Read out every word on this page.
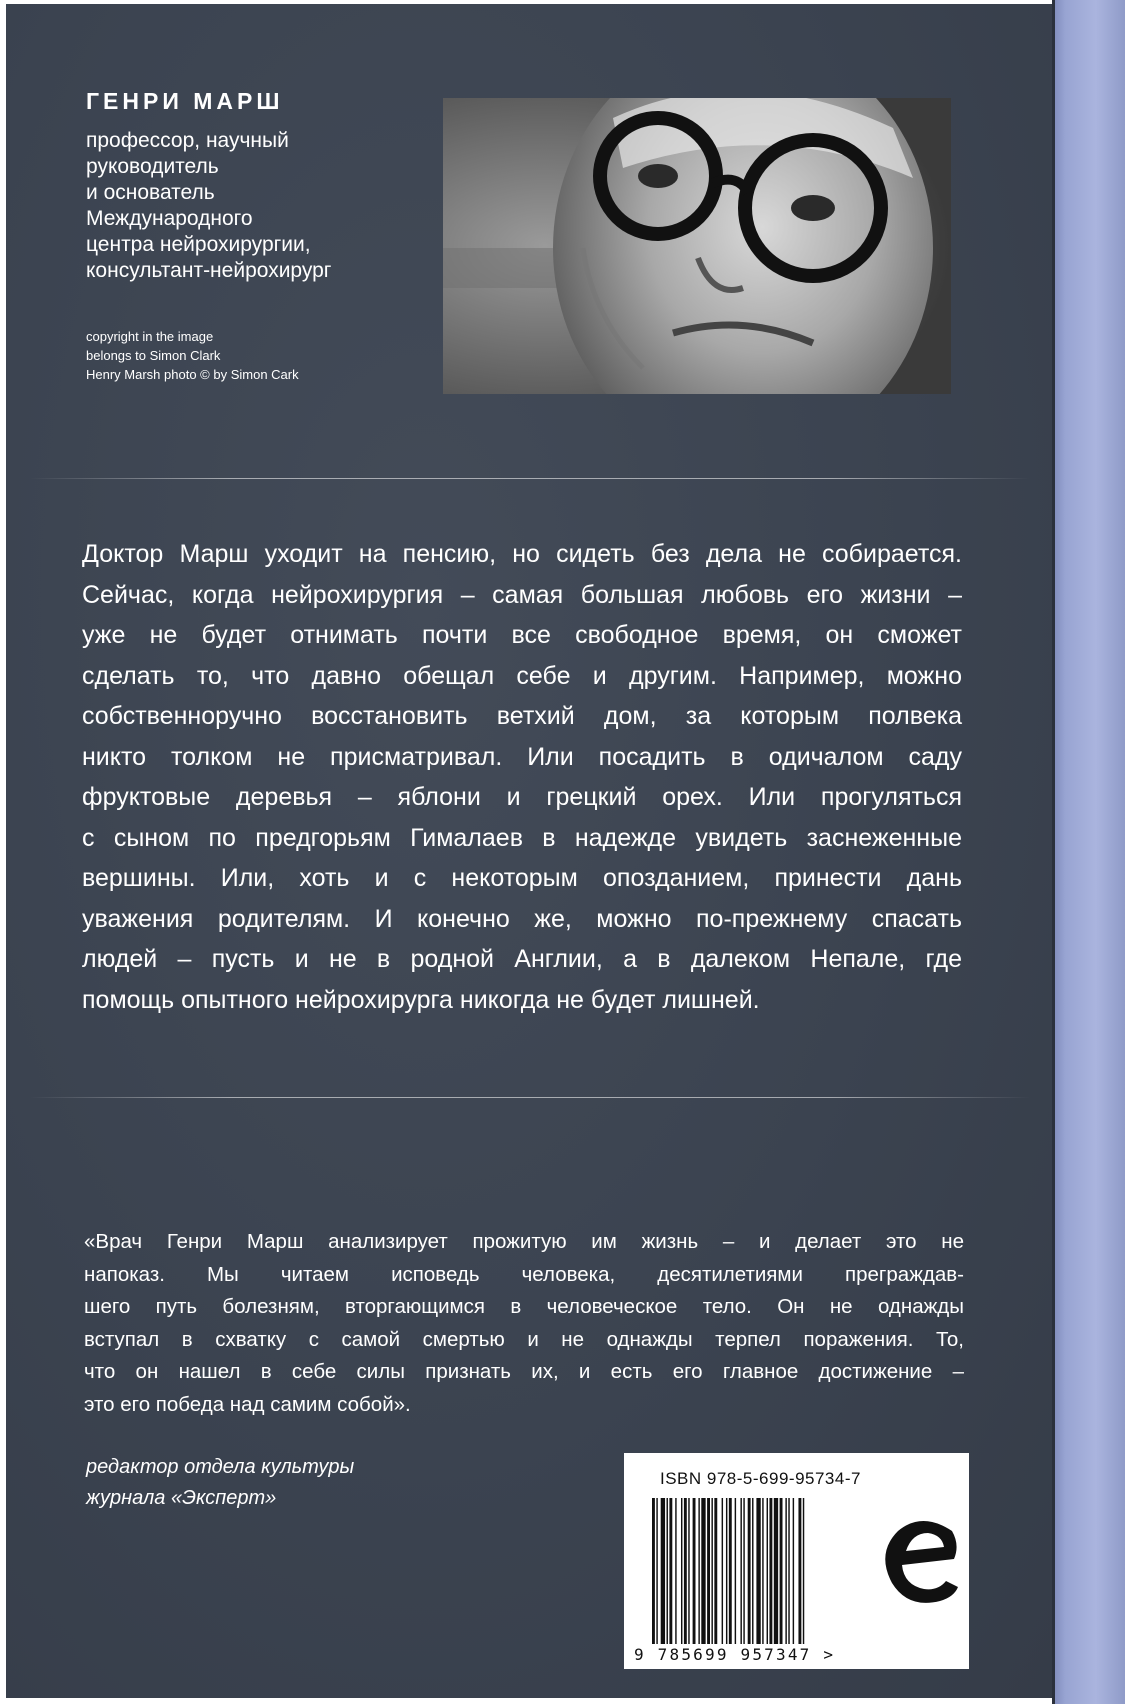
ГЕНРИ МАРШ
профессор, научный
руководитель
и основатель
Международного
центра нейрохирургии,
консультант-нейрохирург
copyright in the image
belongs to Simon Clark
Henry Marsh photo © by Simon Cark
Доктор Марш уходит на пенсию, но сидеть без дела не собирается.
Сейчас, когда нейрохирургия – самая большая любовь его жизни –
уже не будет отнимать почти все свободное время, он сможет
сделать то, что давно обещал себе и другим. Например, можно
собственноручно восстановить ветхий дом, за которым полвека
никто толком не присматривал. Или посадить в одичалом саду
фруктовые деревья – яблони и грецкий орех. Или прогуляться
с сыном по предгорьям Гималаев в надежде увидеть заснеженные
вершины. Или, хоть и с некоторым опозданием, принести дань
уважения родителям. И конечно же, можно по-прежнему спасать
людей – пусть и не в родной Англии, а в далеком Непале, где
помощь опытного нейрохирурга никогда не будет лишней.
«Врач Генри Марш анализирует прожитую им жизнь – и делает это не
напоказ. Мы читаем исповедь человека, десятилетиями преграждав-
шего путь болезням, вторгающимся в человеческое тело. Он не однажды
вступал в схватку с самой смертью и не однажды терпел поражения. То,
что он нашел в себе силы признать их, и есть его главное достижение –
это его победа над самим собой».
редактор отдела культуры
журнала «Эксперт»
ISBN 978-5-699-95734-7
9 785699 957347 >
